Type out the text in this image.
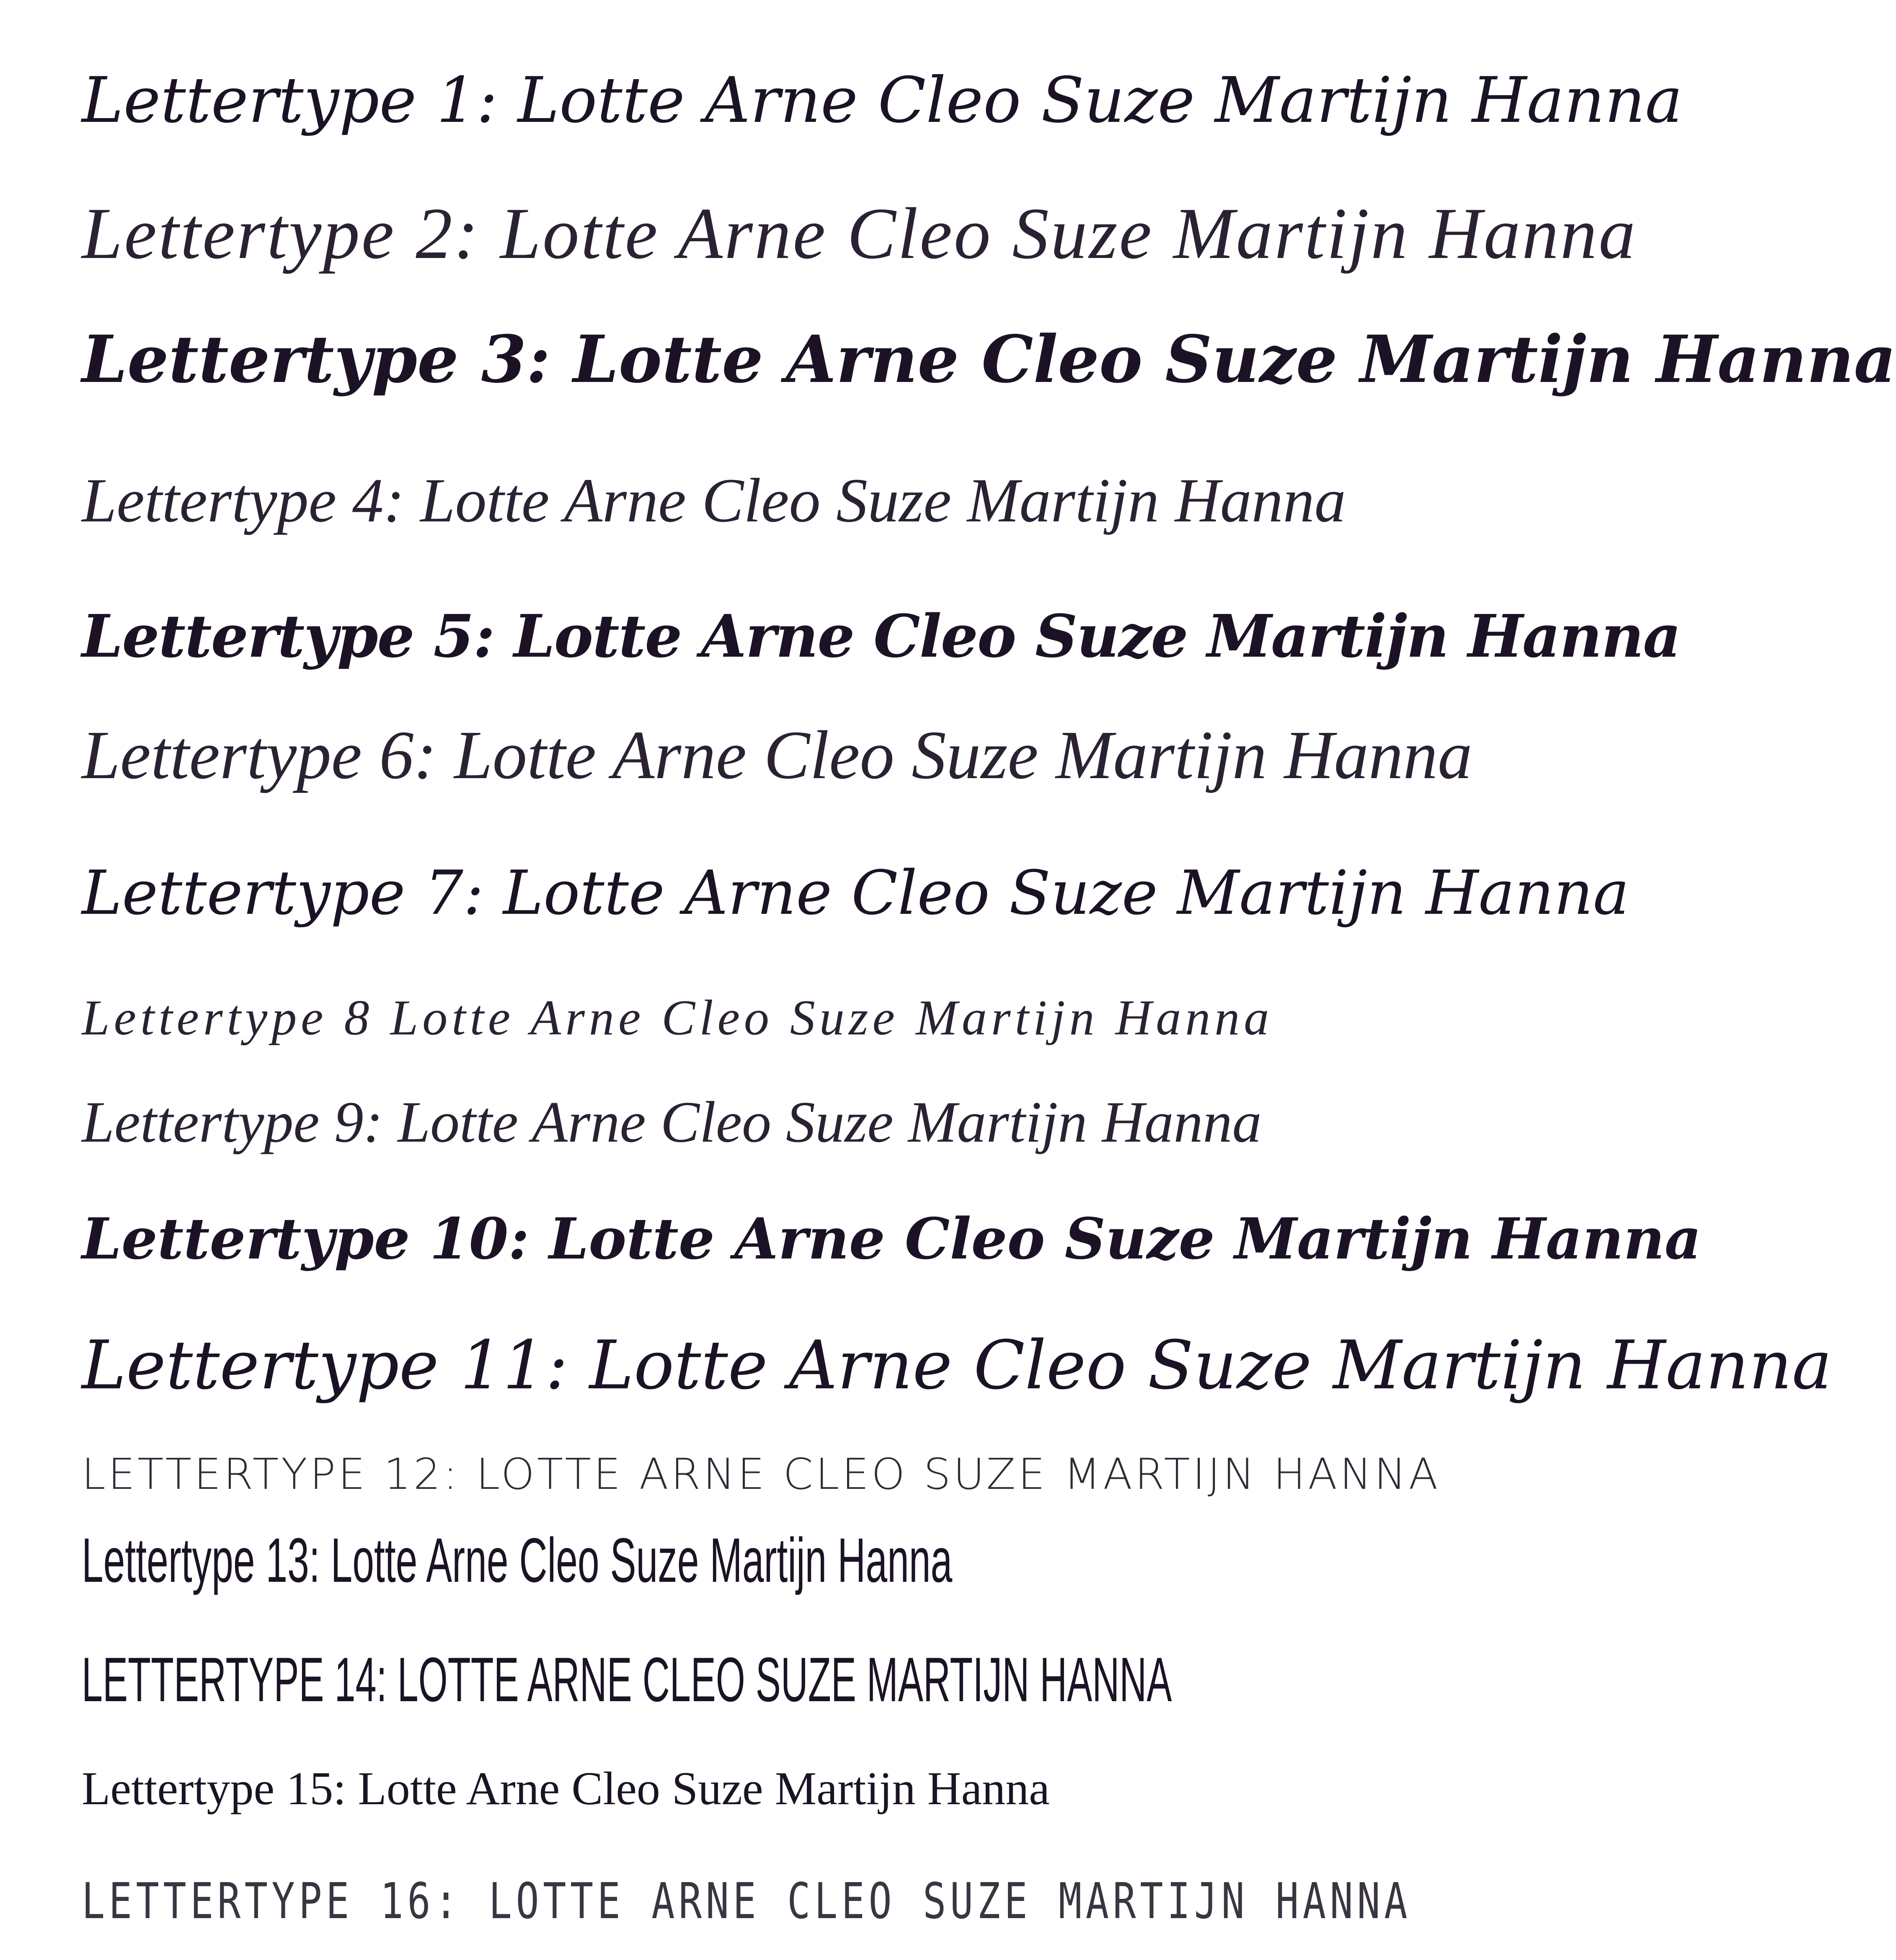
Lettertype 1: Lotte Arne Cleo Suze Martijn Hanna
Lettertype 2: Lotte Arne Cleo Suze Martijn Hanna
Lettertype 3: Lotte Arne Cleo Suze Martijn Hanna
Lettertype 4: Lotte Arne Cleo Suze Martijn Hanna
Lettertype 5: Lotte Arne Cleo Suze Martijn Hanna
Lettertype 6: Lotte Arne Cleo Suze Martijn Hanna
Lettertype 7: Lotte Arne Cleo Suze Martijn Hanna
Lettertype 8 Lotte Arne Cleo Suze Martijn Hanna
Lettertype 9: Lotte Arne Cleo Suze Martijn Hanna
Lettertype 10: Lotte Arne Cleo Suze Martijn Hanna
Lettertype 11: Lotte Arne Cleo Suze Martijn Hanna
LETTERTYPE 12: LOTTE ARNE CLEO SUZE MARTIJN HANNA
Lettertype 13: Lotte Arne Cleo Suze Martijn Hanna
LETTERTYPE 14: LOTTE ARNE CLEO SUZE MARTIJN HANNA
Lettertype 15: Lotte Arne Cleo Suze Martijn Hanna
LETTERTYPE 16: LOTTE ARNE CLEO SUZE MARTIJN HANNA
